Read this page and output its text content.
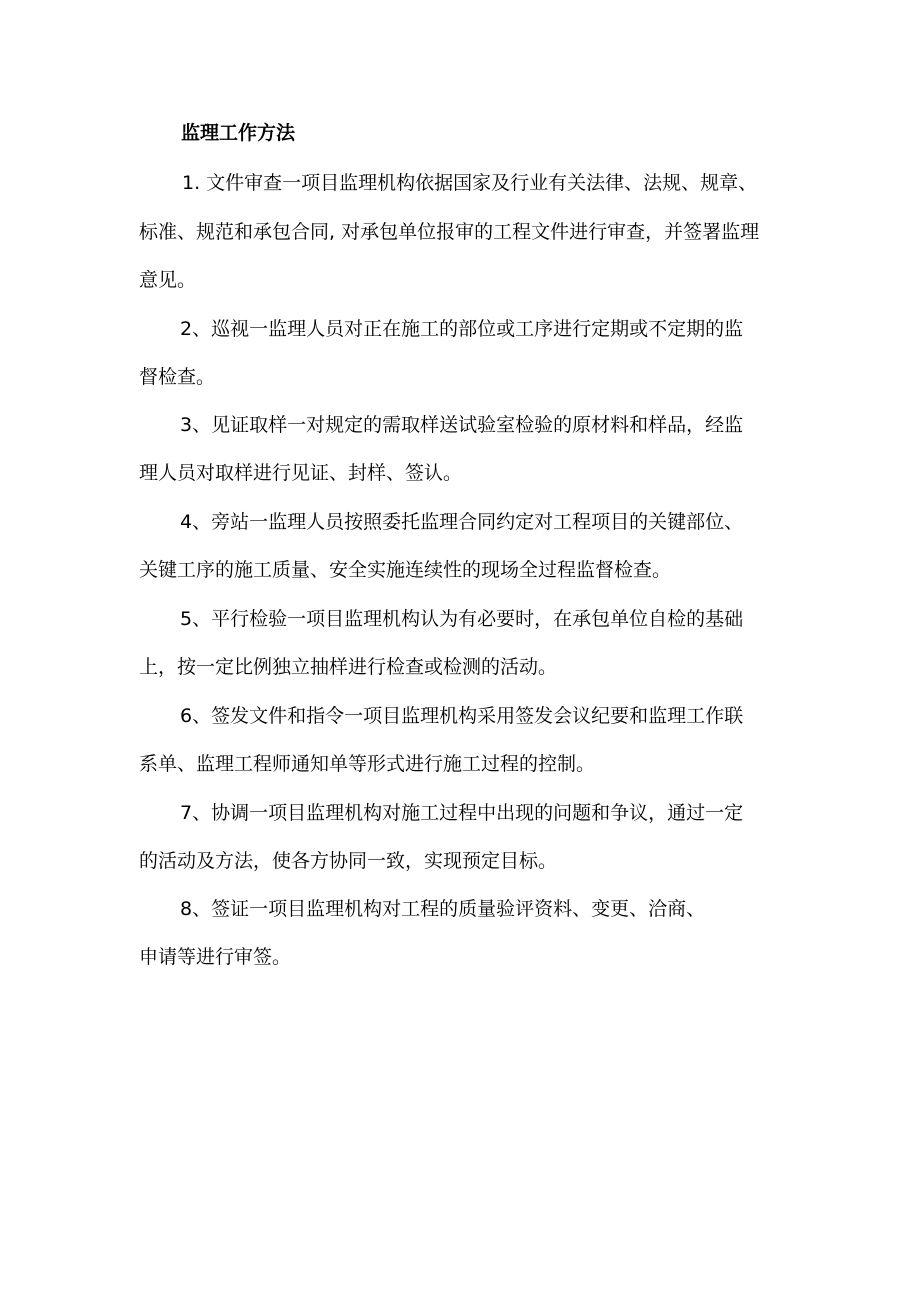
监理工作方法
1. 文件审查一项目监理机构依据国家及行业有关法律、法规、规章、
标准、规范和承包合同, 对承包单位报审的工程文件进行审查，并签署监理
意见。
2、巡视一监理人员对正在施工的部位或工序进行定期或不定期的监
督检查。
3、见证取样一对规定的需取样送试验室检验的原材料和样品，经监
理人员对取样进行见证、封样、签认。
4、旁站一监理人员按照委托监理合同约定对工程项目的关键部位、
关键工序的施工质量、安全实施连续性的现场全过程监督检查。
5、平行检验一项目监理机构认为有必要时，在承包单位自检的基础
上，按一定比例独立抽样进行检查或检测的活动。
6、签发文件和指令一项目监理机构采用签发会议纪要和监理工作联
系单、监理工程师通知单等形式进行施工过程的控制。
7、协调一项目监理机构对施工过程中出现的问题和争议，通过一定
的活动及方法，使各方协同一致，实现预定目标。
8、签证一项目监理机构对工程的质量验评资料、变更、洽商、
申请等进行审签。
